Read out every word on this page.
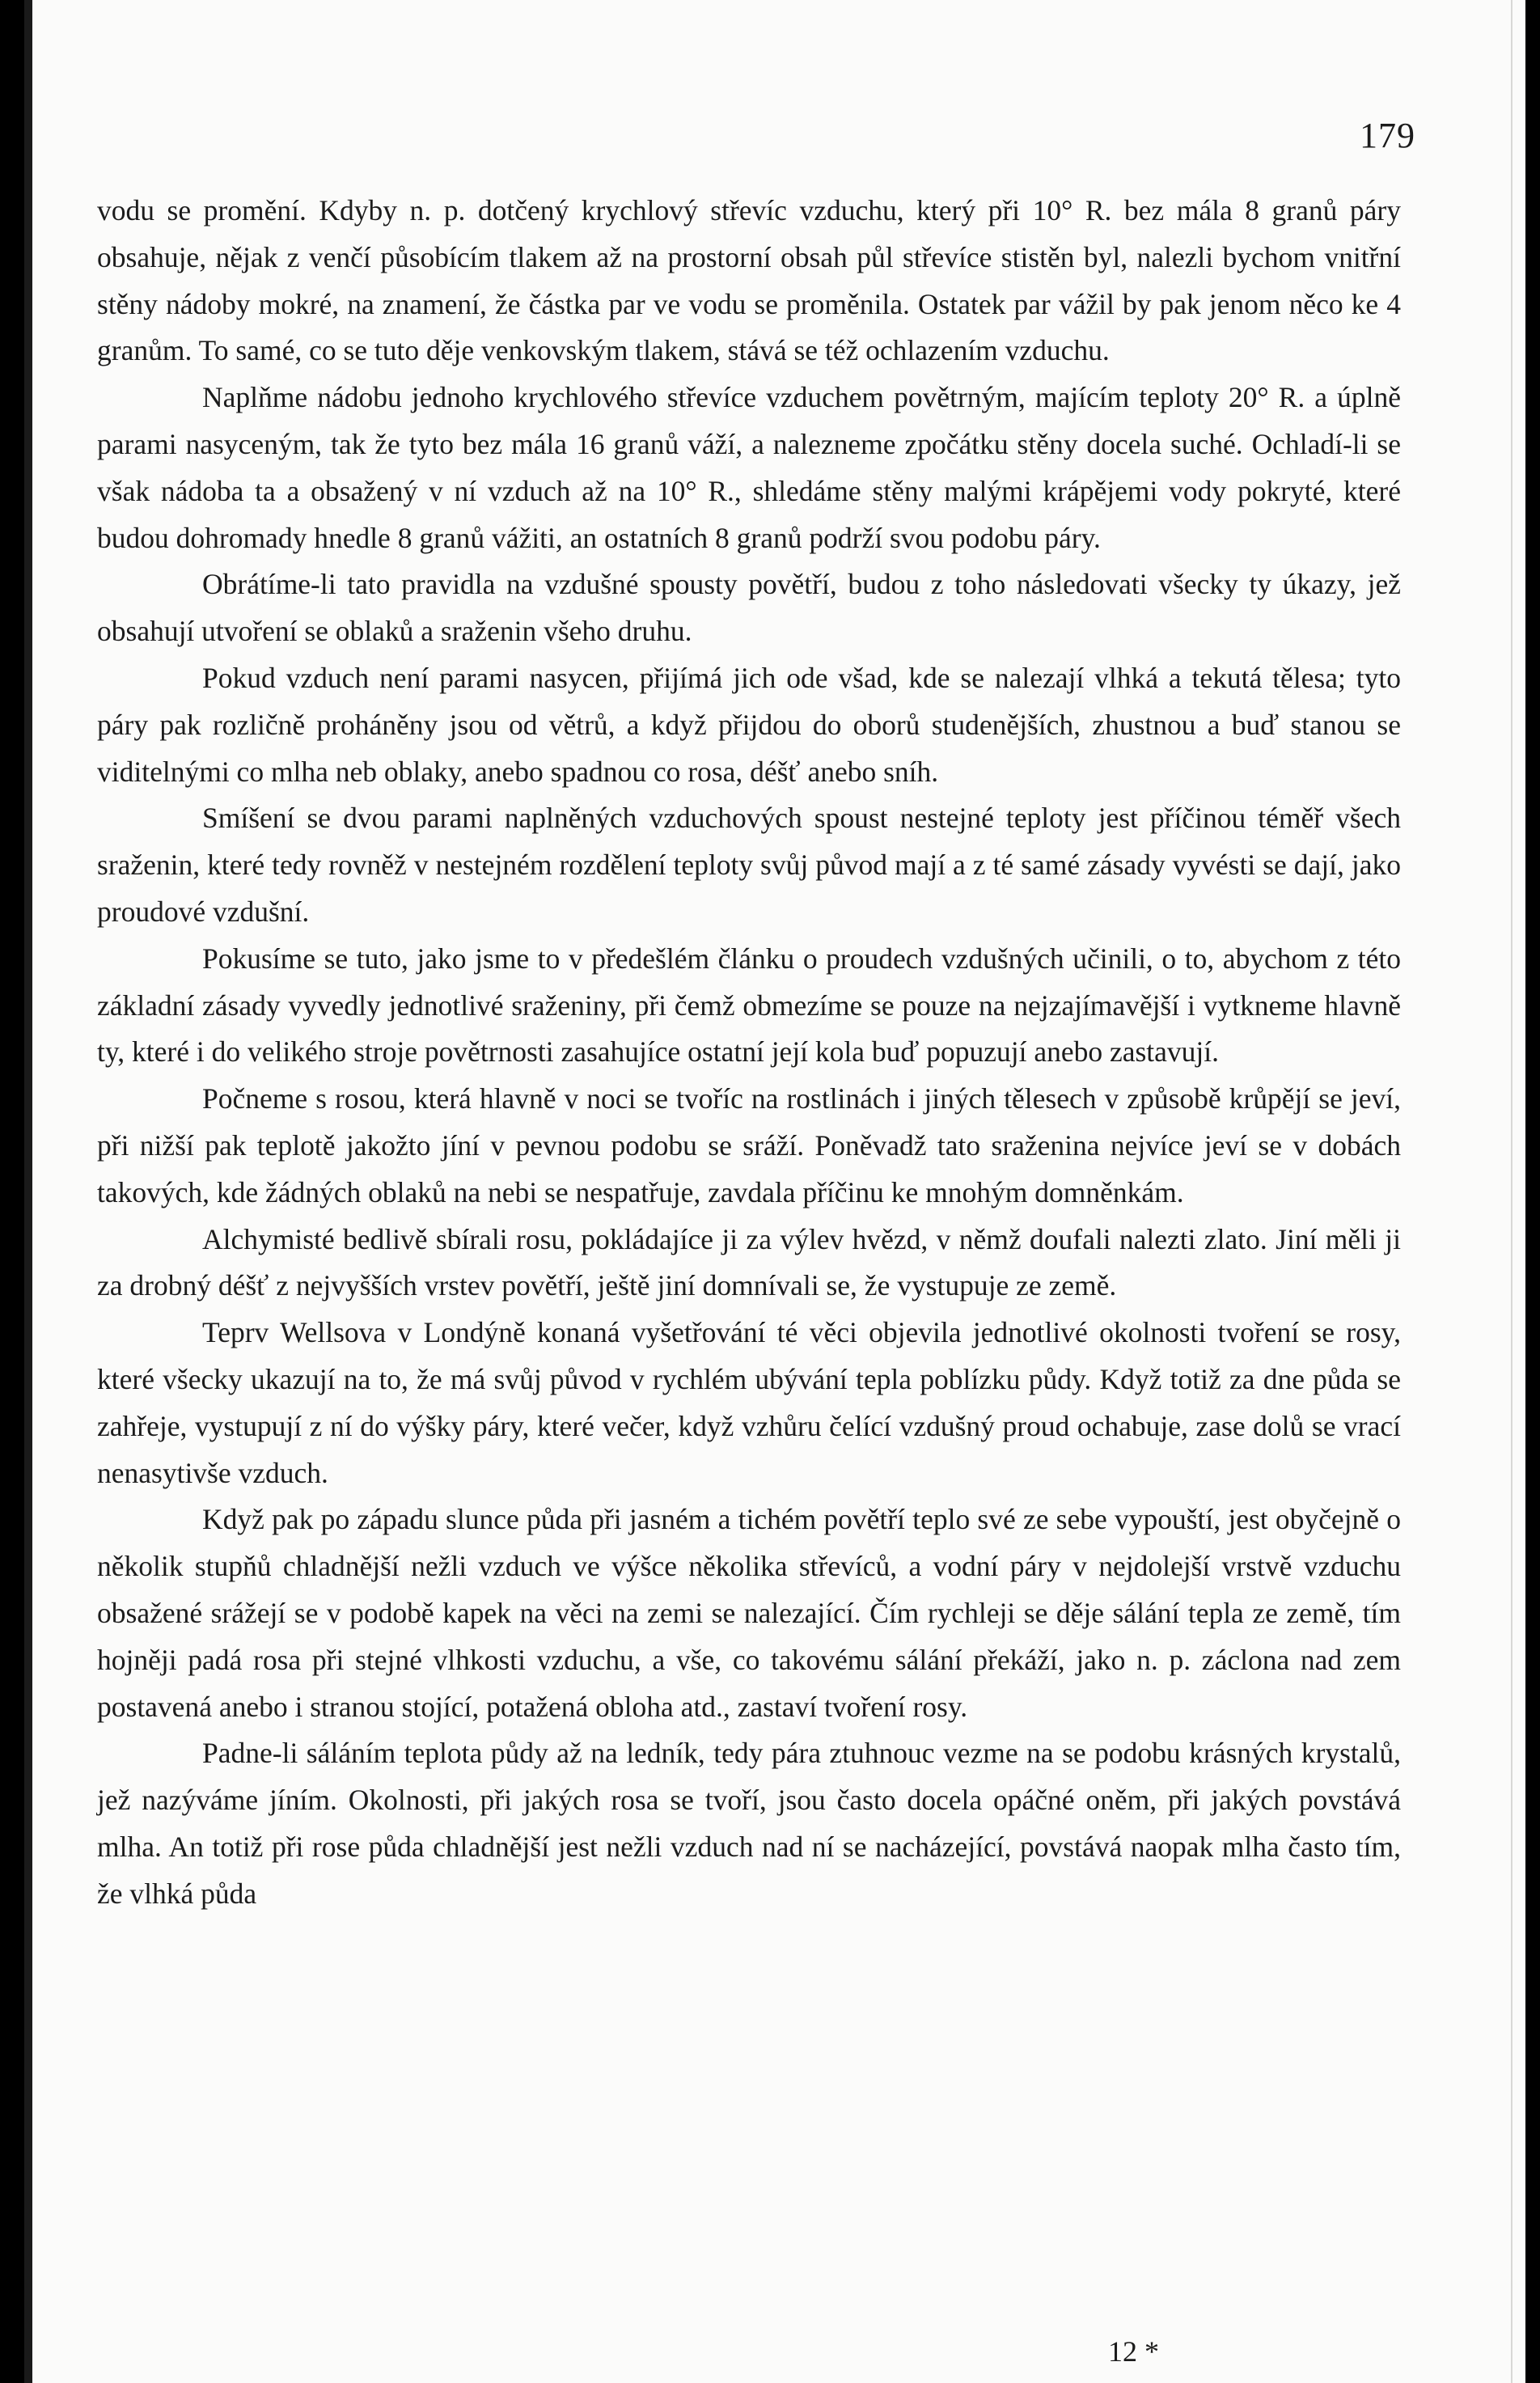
179

vodu se promění. Kdyby n. p. dotčený krychlový střevíc vzduchu, který při 10° R. bez mála 8 granů páry obsahuje, nějak z venčí působícím tlakem až na prostorní obsah půl střevíce stistěn byl, nalezli bychom vnitřní stěny nádoby mokré, na znamení, že částka par ve vodu se proměnila. Ostatek par vážil by pak jenom něco ke 4 granům. To samé, co se tuto děje venkovským tlakem, stává se též ochlazením vzduchu.

Naplňme nádobu jednoho krychlového střevíce vzduchem povětrným, majícím teploty 20° R. a úplně parami nasyceným, tak že tyto bez mála 16 granů váží, a nalezneme zpočátku stěny docela suché. Ochladí-li se však nádoba ta a obsažený v ní vzduch až na 10° R., shledáme stěny malými krápějemi vody pokryté, které budou dohromady hnedle 8 granů vážiti, an ostatních 8 granů podrží svou podobu páry.

Obrátíme-li tato pravidla na vzdušné spousty povětří, budou z toho následovati všecky ty úkazy, jež obsahují utvoření se oblaků a sraženin všeho druhu.

Pokud vzduch není parami nasycen, přijímá jich ode všad, kde se nalezají vlhká a tekutá tělesa; tyto páry pak rozličně proháněny jsou od větrů, a když přijdou do oborů studenějších, zhustnou a buď stanou se viditelnými co mlha neb oblaky, anebo spadnou co rosa, déšť anebo sníh.

Smíšení se dvou parami naplněných vzduchových spoust nestejné teploty jest příčinou téměř všech sraženin, které tedy rovněž v nestejném rozdělení teploty svůj původ mají a z té samé zásady vyvésti se dají, jako proudové vzdušní.

Pokusíme se tuto, jako jsme to v předešlém článku o proudech vzdušných učinili, o to, abychom z této základní zásady vyvedly jednotlivé sraženiny, při čemž obmezíme se pouze na nejzajímavější i vytkneme hlavně ty, které i do velikého stroje povětrnosti zasahujíce ostatní její kola buď popuzují anebo zastavují.

Počneme s rosou, která hlavně v noci se tvoříc na rostlinách i jiných tělesech v způsobě krůpějí se jeví, při nižší pak teplotě jakožto jíní v pevnou podobu se sráží. Poněvadž tato sraženina nejvíce jeví se v dobách takových, kde žádných oblaků na nebi se nespatřuje, zavdala příčinu ke mnohým domněnkám.

Alchymisté bedlivě sbírali rosu, pokládajíce ji za výlev hvězd, v němž doufali nalezti zlato. Jiní měli ji za drobný déšť z nejvyšších vrstev povětří, ještě jiní domnívali se, že vystupuje ze země.

Teprv Wellsova v Londýně konaná vyšetřování té věci objevila jednotlivé okolnosti tvoření se rosy, které všecky ukazují na to, že má svůj původ v rychlém ubývání tepla poblízku půdy. Když totiž za dne půda se zahřeje, vystupují z ní do výšky páry, které večer, když vzhůru čelící vzdušný proud ochabuje, zase dolů se vrací nenasytivše vzduch.

Když pak po západu slunce půda při jasném a tichém povětří teplo své ze sebe vypouští, jest obyčejně o několik stupňů chladnější nežli vzduch ve výšce několika střevíců, a vodní páry v nejdolejší vrstvě vzduchu obsažené srážejí se v podobě kapek na věci na zemi se nalezající. Čím rychleji se děje sálání tepla ze země, tím hojněji padá rosa při stejné vlhkosti vzduchu, a vše, co takovému sálání překáží, jako n. p. záclona nad zem postavená anebo i stranou stojící, potažená obloha atd., zastaví tvoření rosy.

Padne-li sáláním teplota půdy až na ledník, tedy pára ztuhnouc vezme na se podobu krásných krystalů, jež nazýváme jíním. Okolnosti, při jakých rosa se tvoří, jsou často docela opáčné oněm, při jakých povstává mlha. An totiž při rose půda chladnější jest nežli vzduch nad ní se nacházející, povstává naopak mlha často tím, že vlhká půda

12 *
